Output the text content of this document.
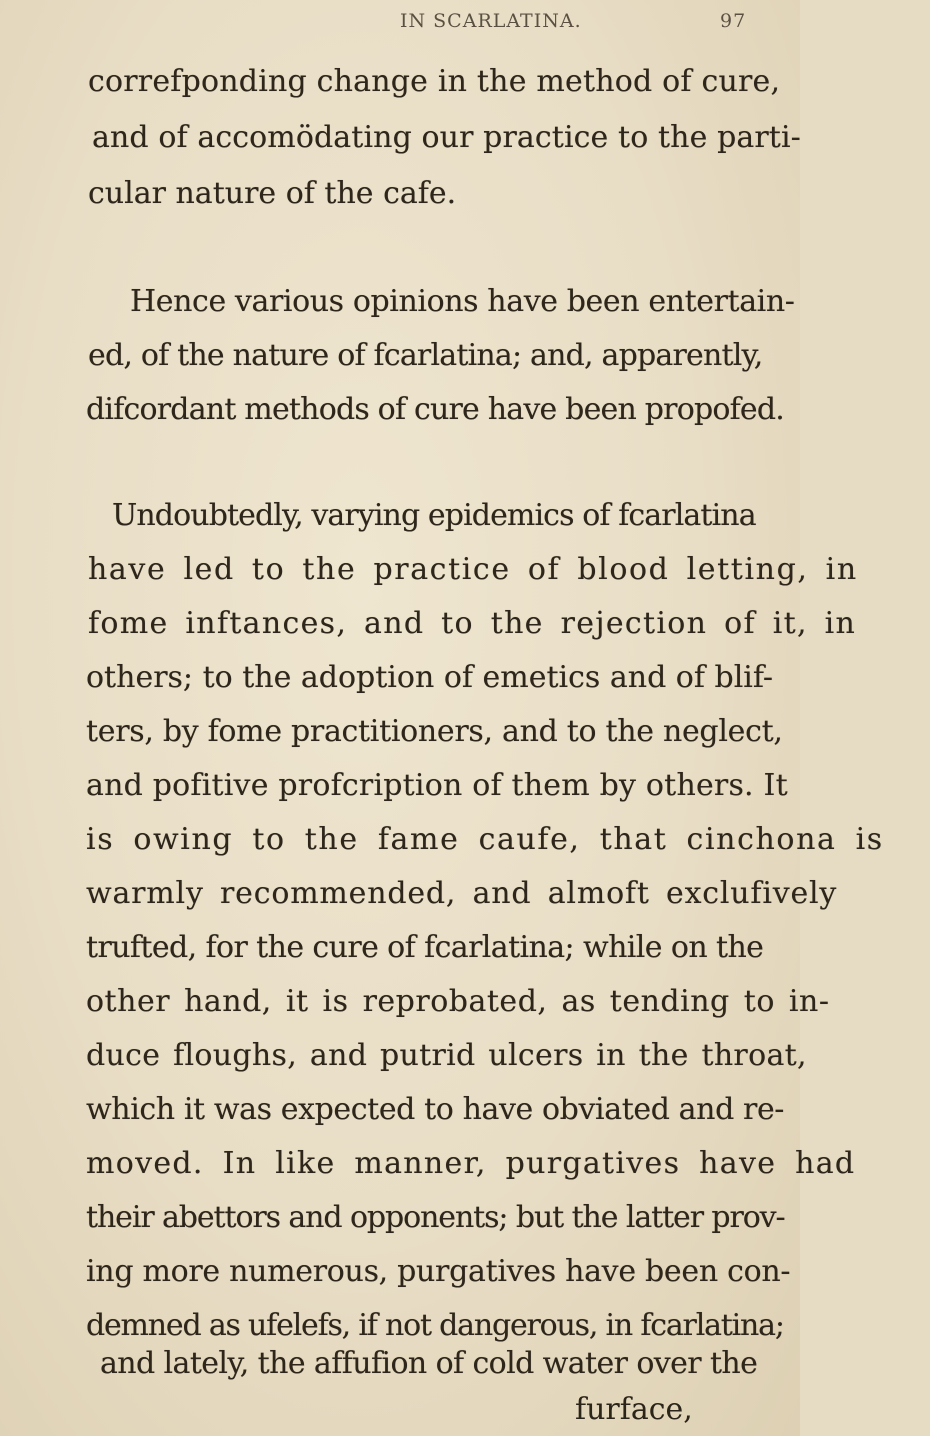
IN SCARLATINA.	97
correfponding change in the method of cure,
and of accomödating our practice to the parti-
cular nature of the cafe.
Hence various opinions have been entertain-
ed, of the nature of fcarlatina; and, apparently,
difcordant methods of cure have been propofed.
Undoubtedly, varying epidemics of fcarlatina
have led to the practice of blood letting, in
fome inftances, and to the rejection of it, in
others; to the adoption of emetics and of blif-
ters, by fome practitioners, and to the neglect,
and pofitive profcription of them by others. It
is owing to the fame caufe, that cinchona is
warmly recommended, and almoft exclufively
trufted, for the cure of fcarlatina; while on the
other hand, it is reprobated, as tending to in-
duce floughs, and putrid ulcers in the throat,
which it was expected to have obviated and re-
moved. In like manner, purgatives have had
their abettors and opponents; but the latter prov-
ing more numerous, purgatives have been con-
demned as ufelefs, if not dangerous, in fcarlatina;
and lately, the affufion of cold water over the
furface,
